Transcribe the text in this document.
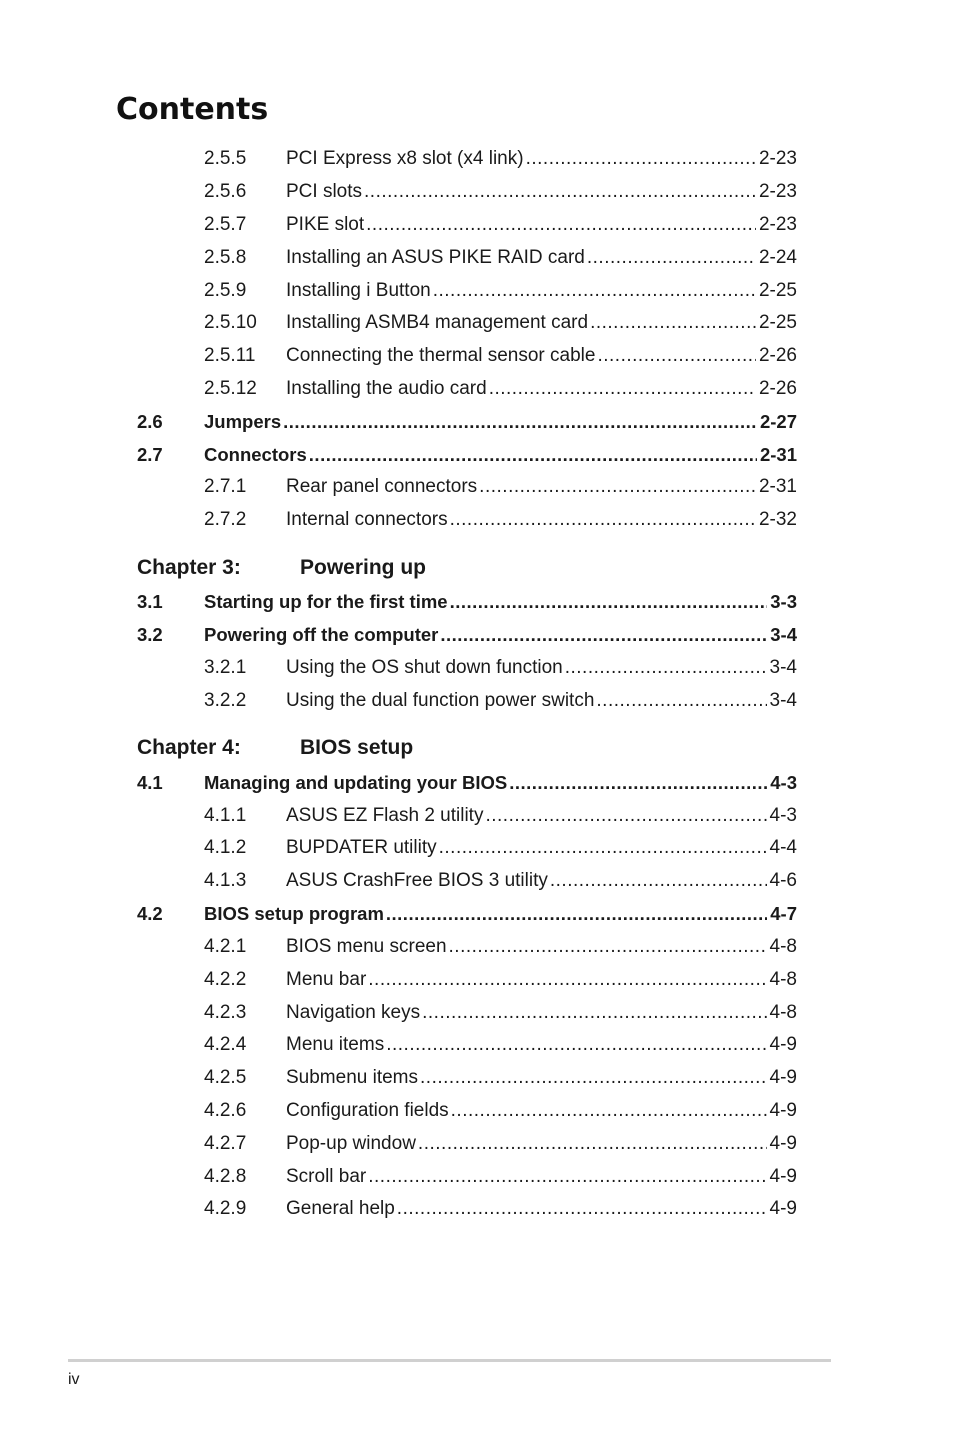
Contents
2.5.5	PCI Express x8 slot (x4 link) .....	2-23
2.5.6	PCI slots .....	2-23
2.5.7	PIKE slot .....	2-23
2.5.8	Installing an ASUS PIKE RAID card .....	2-24
2.5.9	Installing i Button .....	2-25
2.5.10	Installing ASMB4 management card .....	2-25
2.5.11	Connecting the thermal sensor cable .....	2-26
2.5.12	Installing the audio card .....	2-26
2.6	Jumpers .....	2-27
2.7	Connectors .....	2-31
2.7.1	Rear panel connectors .....	2-31
2.7.2	Internal connectors .....	2-32
Chapter 3:	Powering up
3.1	Starting up for the first time .....	3-3
3.2	Powering off the computer .....	3-4
3.2.1	Using the OS shut down function .....	3-4
3.2.2	Using the dual function power switch .....	3-4
Chapter 4:	BIOS setup
4.1	Managing and updating your BIOS .....	4-3
4.1.1	ASUS EZ Flash 2 utility .....	4-3
4.1.2	BUPDATER utility .....	4-4
4.1.3	ASUS CrashFree BIOS 3 utility .....	4-6
4.2	BIOS setup program .....	4-7
4.2.1	BIOS menu screen .....	4-8
4.2.2	Menu bar .....	4-8
4.2.3	Navigation keys .....	4-8
4.2.4	Menu items .....	4-9
4.2.5	Submenu items .....	4-9
4.2.6	Configuration fields .....	4-9
4.2.7	Pop-up window .....	4-9
4.2.8	Scroll bar .....	4-9
4.2.9	General help .....	4-9
iv
